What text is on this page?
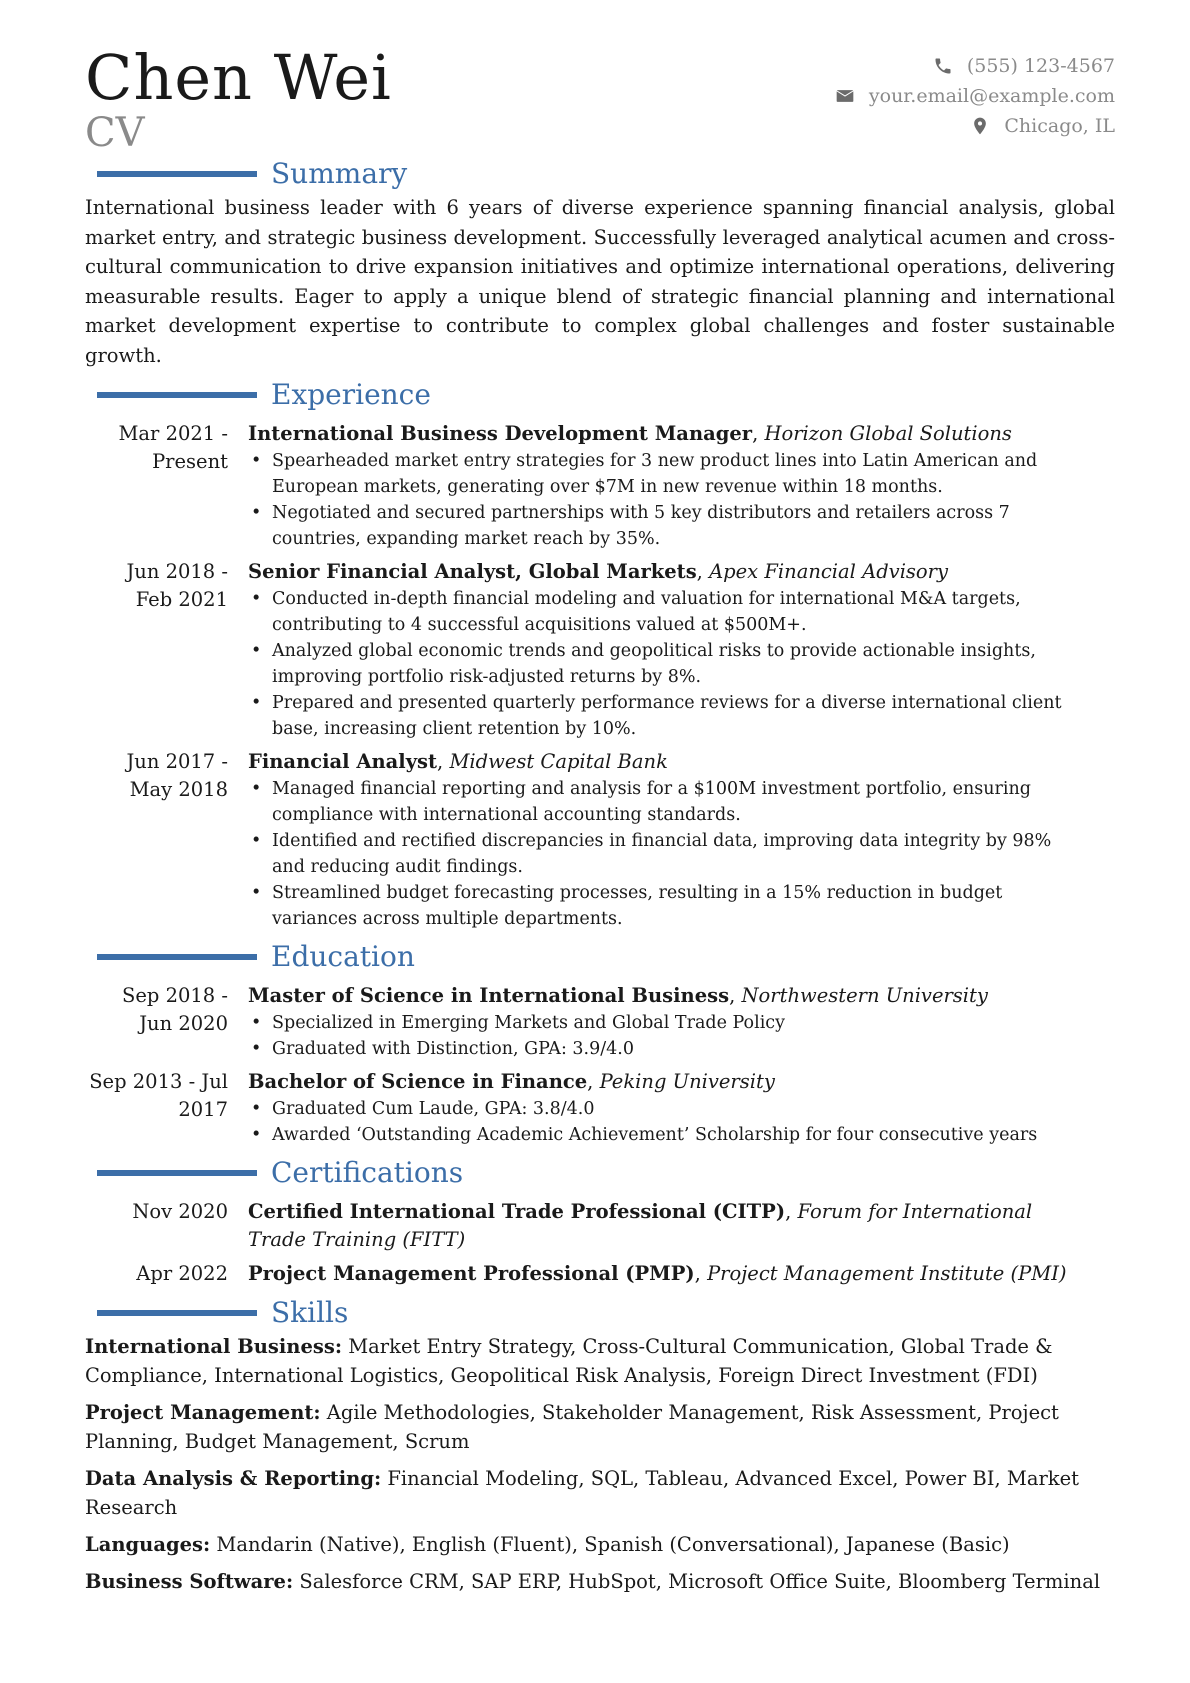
Chen Wei

CV

(555) 123-4567
your.email@example.com
Chicago, IL
Summary

International business leader with 6 years of diverse experience spanning financial analysis, global market entry, and strategic business development. Successfully leveraged analytical acumen and cross-cultural communication to drive expansion initiatives and optimize international operations, delivering measurable results. Eager to apply a unique blend of strategic financial planning and international market development expertise to contribute to complex global challenges and foster sustainable growth.

Experience
Mar 2021 - Present
International Business Development Manager, Horizon Global Solutions
• Spearheaded market entry strategies for 3 new product lines into Latin American and European markets, generating over $7M in new revenue within 18 months.
• Negotiated and secured partnerships with 5 key distributors and retailers across 7 countries, expanding market reach by 35%.
Jun 2018 - Feb 2021
Senior Financial Analyst, Global Markets, Apex Financial Advisory
• Conducted in-depth financial modeling and valuation for international M&A targets, contributing to 4 successful acquisitions valued at $500M+.
• Analyzed global economic trends and geopolitical risks to provide actionable insights, improving portfolio risk-adjusted returns by 8%.
• Prepared and presented quarterly performance reviews for a diverse international client base, increasing client retention by 10%.
Jun 2017 - May 2018
Financial Analyst, Midwest Capital Bank
• Managed financial reporting and analysis for a $100M investment portfolio, ensuring compliance with international accounting standards.
• Identified and rectified discrepancies in financial data, improving data integrity by 98% and reducing audit findings.
• Streamlined budget forecasting processes, resulting in a 15% reduction in budget variances across multiple departments.
Education
Sep 2018 - Jun 2020
Master of Science in International Business, Northwestern University
• Specialized in Emerging Markets and Global Trade Policy
• Graduated with Distinction, GPA: 3.9/4.0
Sep 2013 - Jul 2017
Bachelor of Science in Finance, Peking University
• Graduated Cum Laude, GPA: 3.8/4.0
• Awarded ‘Outstanding Academic Achievement’ Scholarship for four consecutive years
Certifications
Nov 2020	Certified International Trade Professional (CITP), Forum for International Trade Training (FITT)
Apr 2022	Project Management Professional (PMP), Project Management Institute (PMI)
Skills

International Business: Market Entry Strategy, Cross-Cultural Communication, Global Trade & Compliance, International Logistics, Geopolitical Risk Analysis, Foreign Direct Investment (FDI)

Project Management: Agile Methodologies, Stakeholder Management, Risk Assessment, Project Planning, Budget Management, Scrum

Data Analysis & Reporting: Financial Modeling, SQL, Tableau, Advanced Excel, Power BI, Market Research

Languages: Mandarin (Native), English (Fluent), Spanish (Conversational), Japanese (Basic)

Business Software: Salesforce CRM, SAP ERP, HubSpot, Microsoft Office Suite, Bloomberg Terminal
